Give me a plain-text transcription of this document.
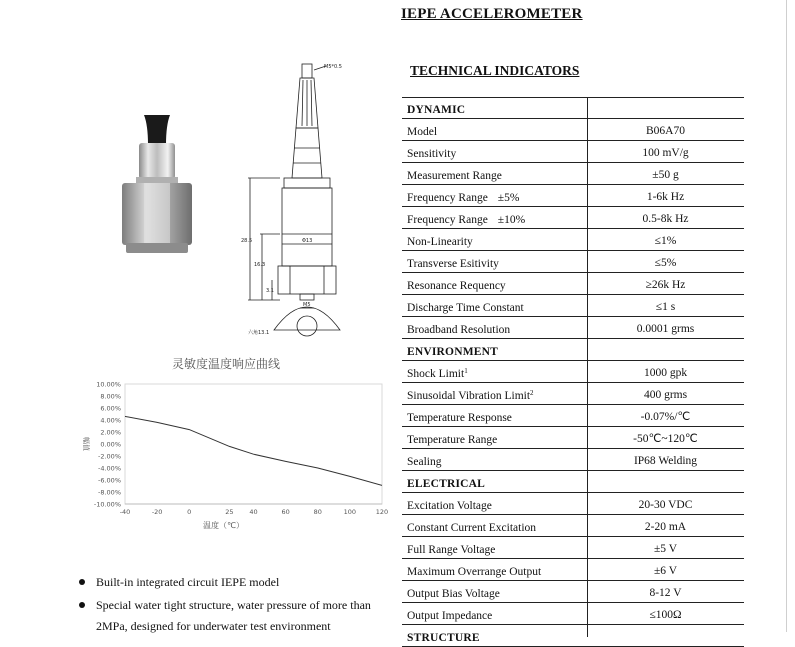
IEPE ACCELEROMETER
TECHNICAL INDICATORS
M5*0.5
28.5
16.3
3.1
Φ13
M5
六角13.1
灵敏度温度响应曲线
10.00%
8.00%
6.00%
4.00%
2.00%
0.00%
-2.00%
-4.00%
-6.00%
-8.00%
-10.00%
-40	-20	0	25 40	60	80	100	120
温度（℃）
幅值
Built-in integrated circuit IEPE model
Special water tight structure, water pressure of more than 2MPa, designed for underwater test environment
DYNAMIC
Model	B06A70
Sensitivity	100 mV/g
Measurement Range	±50 g
Frequency Range ±5%	1-6k Hz
Frequency Range ±10%	0.5-8k Hz
Non-Linearity	≤1%
Transverse Esitivity	≤5%
Resonance Requency	≥26k Hz
Discharge Time Constant	≤1 s
Broadband Resolution	0.0001 grms
ENVIRONMENT
Shock Limit$^1$	1000 gpk
Sinusoidal Vibration Limit$^2$	400 grms
Temperature Response	-0.07%/℃
Temperature Range	-50℃~120℃
Sealing	IP68 Welding
ELECTRICAL
Excitation Voltage	20-30 VDC
Constant Current Excitation	2-20 mA
Full Range Voltage	±5 V
Maximum Overrange Output	±6 V
Output Bias Voltage	8-12 V
Output Impedance	≤100Ω
STRUCTURE
